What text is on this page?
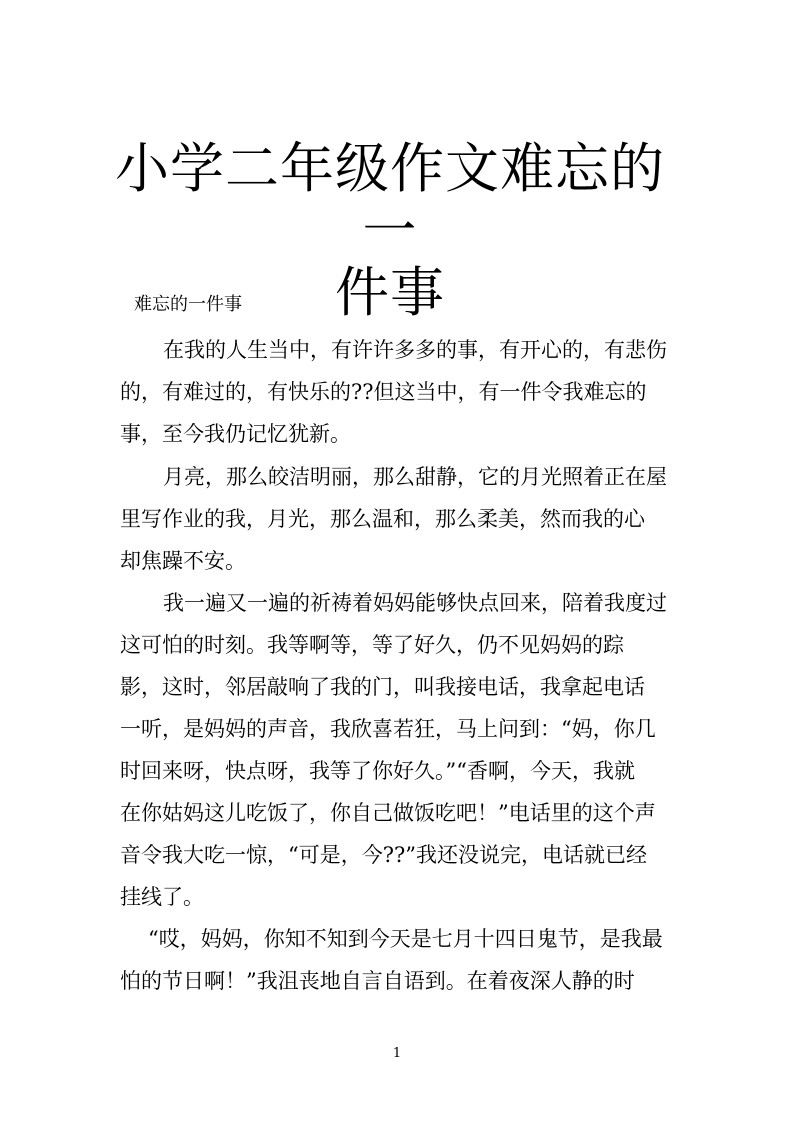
小学二年级作文难忘的一
件事

难忘的一件事

在我的人生当中，有许许多多的事，有开心的，有悲伤

的，有难过的，有快乐的??但这当中，有一件令我难忘的

事，至今我仍记忆犹新。

月亮，那么皎洁明丽，那么甜静，它的月光照着正在屋

里写作业的我，月光，那么温和，那么柔美，然而我的心

却焦躁不安。

我一遍又一遍的祈祷着妈妈能够快点回来，陪着我度过

这可怕的时刻。我等啊等，等了好久，仍不见妈妈的踪

影，这时，邻居敲响了我的门，叫我接电话，我拿起电话

一听，是妈妈的声音，我欣喜若狂，马上问到：“妈，你几

时回来呀，快点呀，我等了你好久。”“香啊，今天，我就

在你姑妈这儿吃饭了，你自己做饭吃吧！”电话里的这个声

音令我大吃一惊，“可是，今??”我还没说完，电话就已经

挂线了。

“哎，妈妈，你知不知到今天是七月十四日鬼节，是我最

怕的节日啊！”我沮丧地自言自语到。在着夜深人静的时

1
